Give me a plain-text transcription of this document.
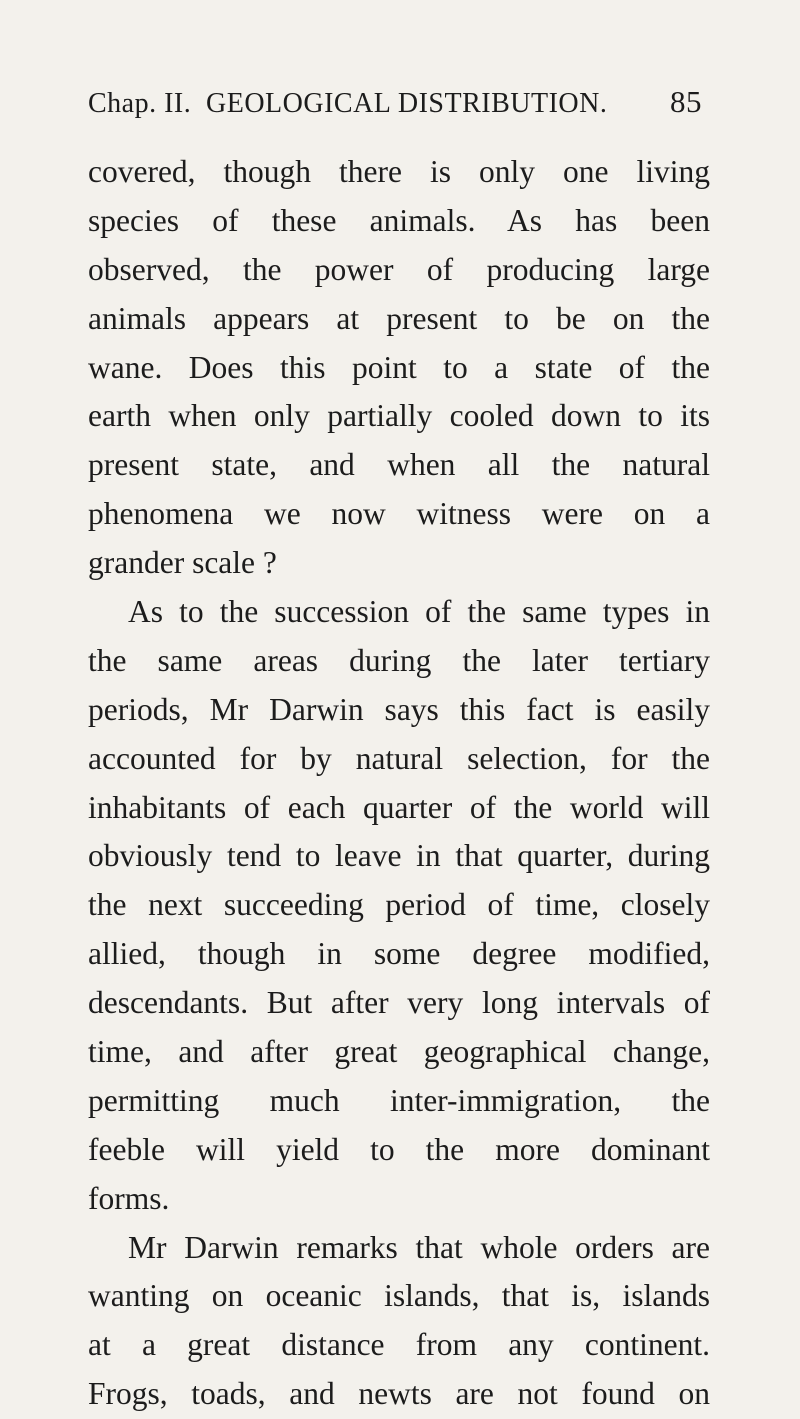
Chap. II. GEOLOGICAL DISTRIBUTION. 85
covered, though there is only one living
species of these animals. As has been
observed, the power of producing large
animals appears at present to be on the
wane. Does this point to a state of the
earth when only partially cooled down to its
present state, and when all the natural
phenomena we now witness were on a
grander scale ?
As to the succession of the same types in
the same areas during the later tertiary
periods, Mr Darwin says this fact is easily
accounted for by natural selection, for the
inhabitants of each quarter of the world will
obviously tend to leave in that quarter, during
the next succeeding period of time, closely
allied, though in some degree modified,
descendants. But after very long intervals of
time, and after great geographical change,
permitting much inter-immigration, the
feeble will yield to the more dominant
forms.
Mr Darwin remarks that whole orders are
wanting on oceanic islands, that is, islands
at a great distance from any continent.
Frogs, toads, and newts are not found on
